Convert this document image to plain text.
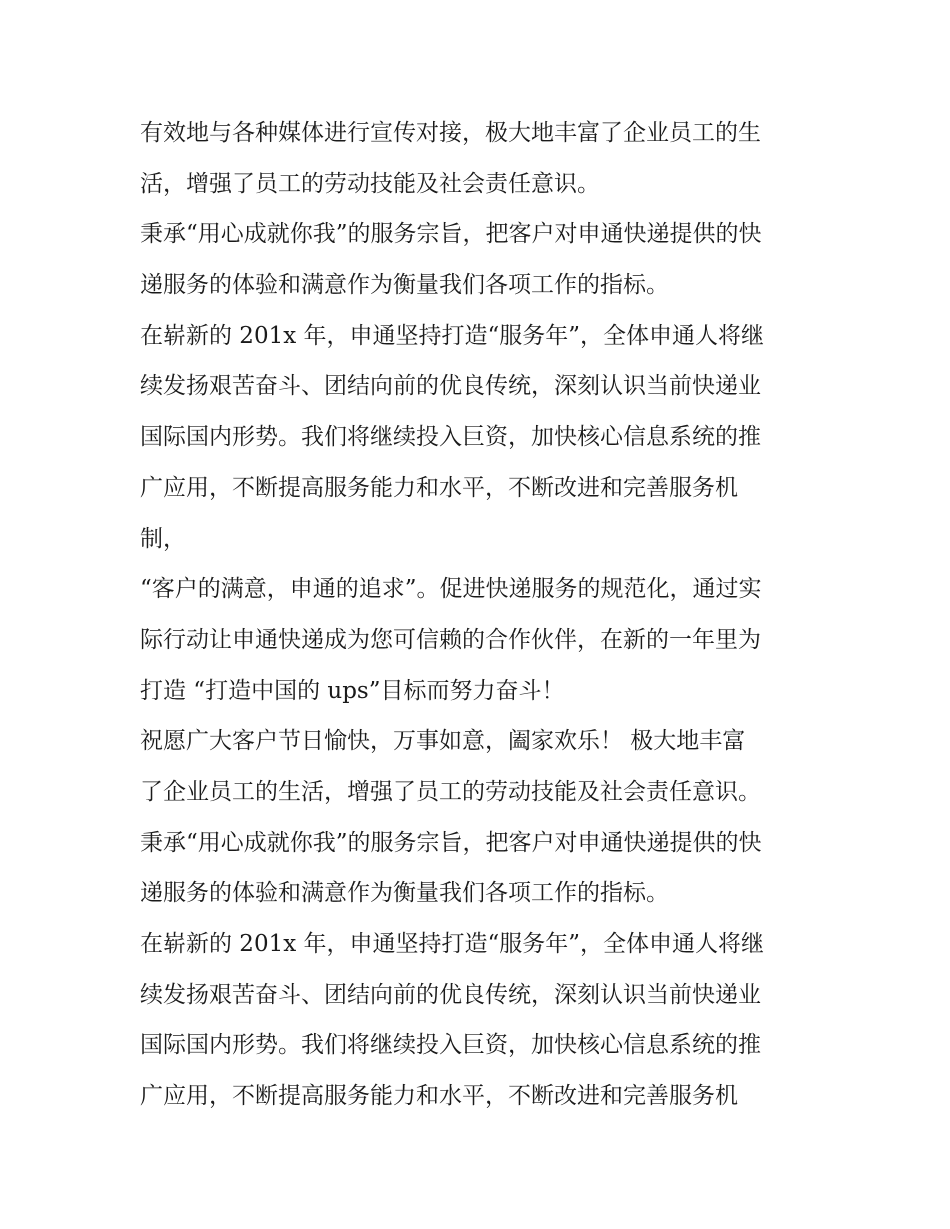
有效地与各种媒体进行宣传对接，极大地丰富了企业员工的生
活，增强了员工的劳动技能及社会责任意识。
秉承“用心成就你我”的服务宗旨，把客户对申通快递提供的快
递服务的体验和满意作为衡量我们各项工作的指标。
在崭新的 201x 年，申通坚持打造“服务年”，全体申通人将继
续发扬艰苦奋斗、团结向前的优良传统，深刻认识当前快递业
国际国内形势。我们将继续投入巨资，加快核心信息系统的推
广应用，不断提高服务能力和水平，不断改进和完善服务机
制，
“客户的满意，申通的追求”。促进快递服务的规范化，通过实
际行动让申通快递成为您可信赖的合作伙伴，在新的一年里为
打造 “打造中国的 ups”目标而努力奋斗！
祝愿广大客户节日愉快，万事如意，阖家欢乐！ 极大地丰富
了企业员工的生活，增强了员工的劳动技能及社会责任意识。
秉承“用心成就你我”的服务宗旨，把客户对申通快递提供的快
递服务的体验和满意作为衡量我们各项工作的指标。
在崭新的 201x 年，申通坚持打造“服务年”，全体申通人将继
续发扬艰苦奋斗、团结向前的优良传统，深刻认识当前快递业
国际国内形势。我们将继续投入巨资，加快核心信息系统的推
广应用，不断提高服务能力和水平，不断改进和完善服务机
